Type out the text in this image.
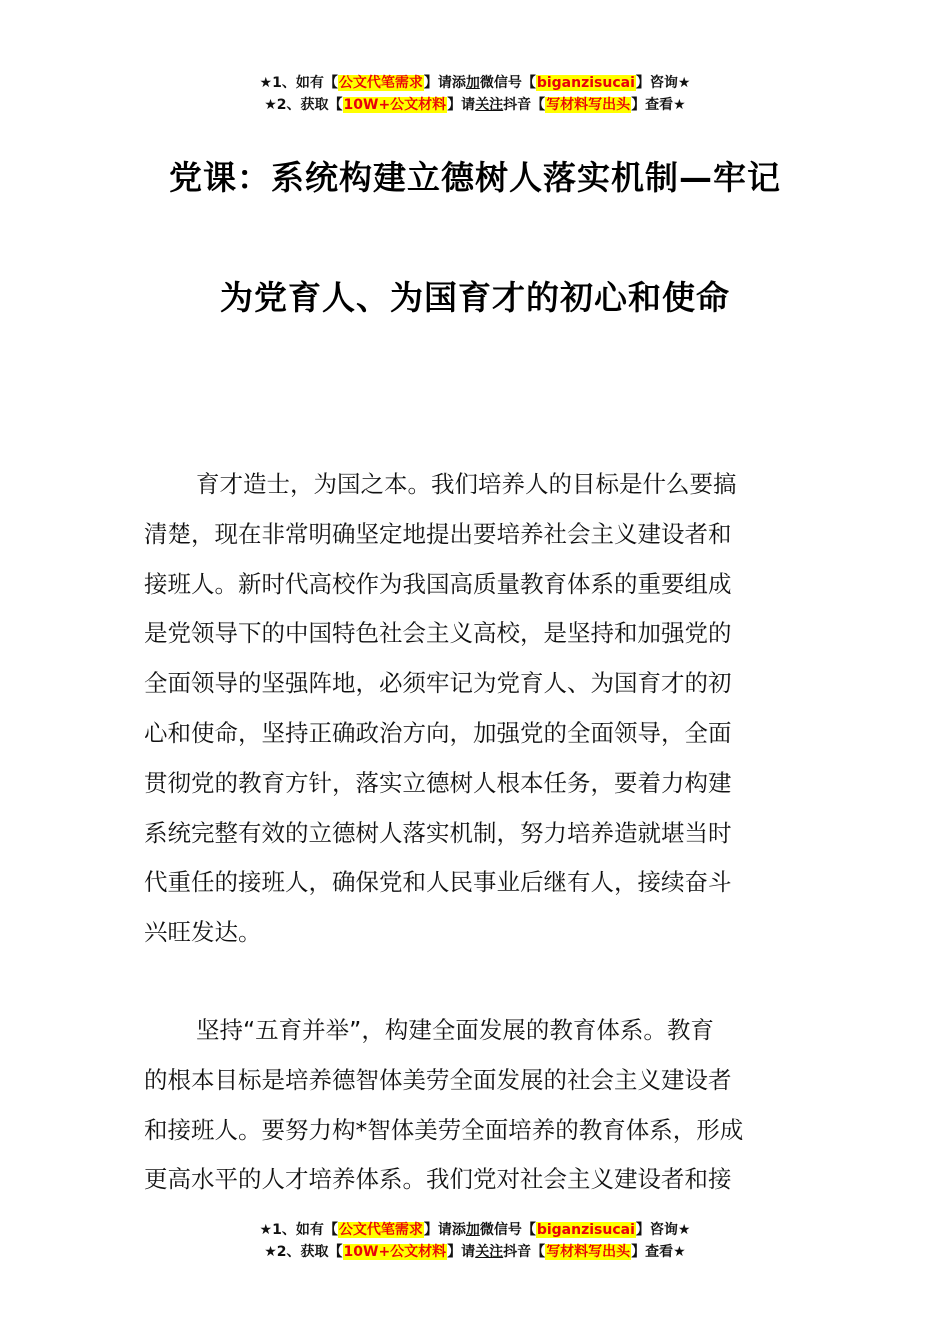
★1、如有【公文代笔需求】请添加微信号【biganzisucai】咨询★
★2、获取【10W+公文材料】请关注抖音【写材料写出头】查看★
党课：系统构建立德树人落实机制—牢记
为党育人、为国育才的初心和使命
育才造士，为国之本。我们培养人的目标是什么要搞
清楚，现在非常明确坚定地提出要培养社会主义建设者和
接班人。新时代高校作为我国高质量教育体系的重要组成
是党领导下的中国特色社会主义高校，是坚持和加强党的
全面领导的坚强阵地，必须牢记为党育人、为国育才的初
心和使命，坚持正确政治方向，加强党的全面领导，全面
贯彻党的教育方针，落实立德树人根本任务，要着力构建
系统完整有效的立德树人落实机制，努力培养造就堪当时
代重任的接班人，确保党和人民事业后继有人，接续奋斗
兴旺发达。
坚持“五育并举”，构建全面发展的教育体系。教育
的根本目标是培养德智体美劳全面发展的社会主义建设者
和接班人。要努力构*智体美劳全面培养的教育体系，形成
更高水平的人才培养体系。我们党对社会主义建设者和接
★1、如有【公文代笔需求】请添加微信号【biganzisucai】咨询★
★2、获取【10W+公文材料】请关注抖音【写材料写出头】查看★
